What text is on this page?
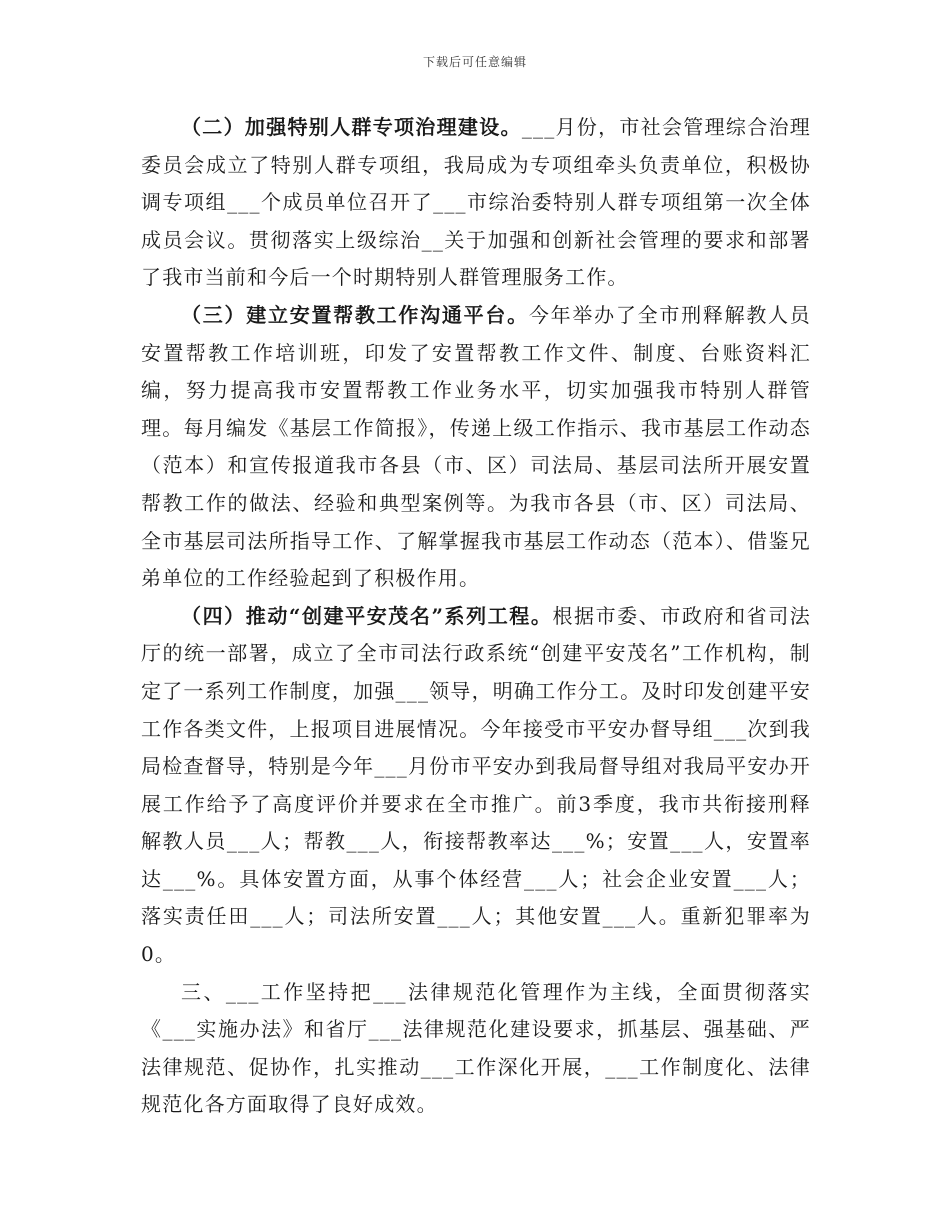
下载后可任意编辑

（二）加强特别人群专项治理建设。___月份，市社会管理综合治理委员会成立了特别人群专项组，我局成为专项组牵头负责单位，积极协调专项组___个成员单位召开了___市综治委特别人群专项组第一次全体成员会议。贯彻落实上级综治__关于加强和创新社会管理的要求和部署了我市当前和今后一个时期特别人群管理服务工作。

（三）建立安置帮教工作沟通平台。今年举办了全市刑释解教人员安置帮教工作培训班，印发了安置帮教工作文件、制度、台账资料汇编，努力提高我市安置帮教工作业务水平，切实加强我市特别人群管理。每月编发《基层工作简报》，传递上级工作指示、我市基层工作动态（范本）和宣传报道我市各县（市、区）司法局、基层司法所开展安置帮教工作的做法、经验和典型案例等。为我市各县（市、区）司法局、全市基层司法所指导工作、了解掌握我市基层工作动态（范本）、借鉴兄弟单位的工作经验起到了积极作用。

（四）推动“创建平安茂名”系列工程。根据市委、市政府和省司法厅的统一部署，成立了全市司法行政系统“创建平安茂名”工作机构，制定了一系列工作制度，加强___领导，明确工作分工。及时印发创建平安工作各类文件，上报项目进展情况。今年接受市平安办督导组___次到我局检查督导，特别是今年___月份市平安办到我局督导组对我局平安办开展工作给予了高度评价并要求在全市推广。前3季度，我市共衔接刑释解教人员___人；帮教___人，衔接帮教率达___%；安置___人，安置率达___%。具体安置方面，从事个体经营___人；社会企业安置___人；落实责任田___人；司法所安置___人；其他安置___人。重新犯罪率为0。

三、___工作坚持把___法律规范化管理作为主线，全面贯彻落实《___实施办法》和省厅___法律规范化建设要求，抓基层、强基础、严法律规范、促协作，扎实推动___工作深化开展，___工作制度化、法律规范化各方面取得了良好成效。
